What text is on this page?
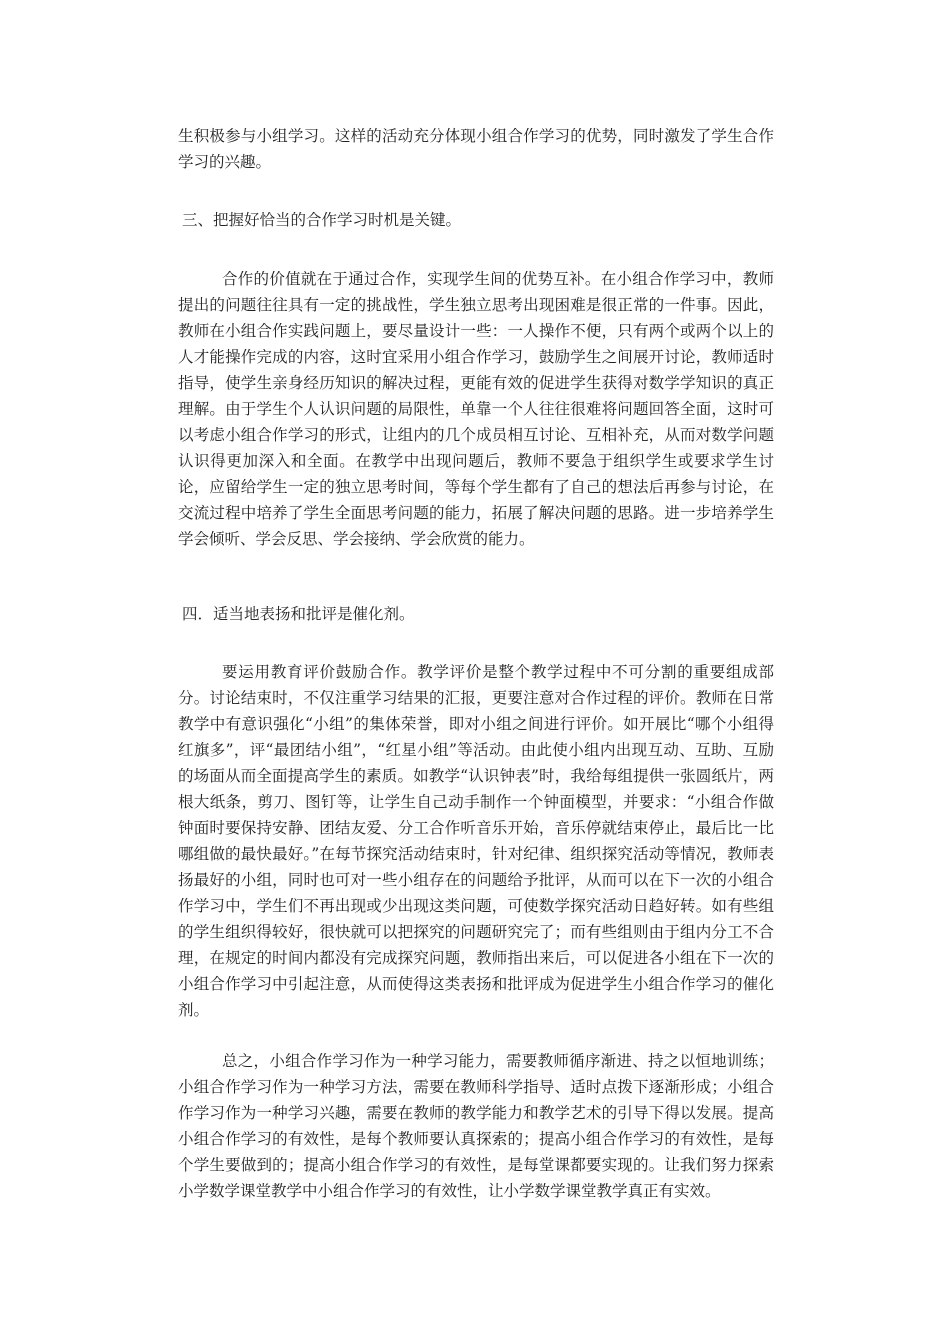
生积极参与小组学习。这样的活动充分体现小组合作学习的优势，同时激发了学生合作学习的兴趣。

三、把握好恰当的合作学习时机是关键。

合作的价值就在于通过合作，实现学生间的优势互补。在小组合作学习中，教师提出的问题往往具有一定的挑战性，学生独立思考出现困难是很正常的一件事。因此，教师在小组合作实践问题上，要尽量设计一些：一人操作不便，只有两个或两个以上的人才能操作完成的内容，这时宜采用小组合作学习，鼓励学生之间展开讨论，教师适时指导，使学生亲身经历知识的解决过程，更能有效的促进学生获得对数学学知识的真正理解。由于学生个人认识问题的局限性，单靠一个人往往很难将问题回答全面，这时可以考虑小组合作学习的形式，让组内的几个成员相互讨论、互相补充，从而对数学问题认识得更加深入和全面。在教学中出现问题后，教师不要急于组织学生或要求学生讨论，应留给学生一定的独立思考时间，等每个学生都有了自己的想法后再参与讨论，在交流过程中培养了学生全面思考问题的能力，拓展了解决问题的思路。进一步培养学生学会倾听、学会反思、学会接纳、学会欣赏的能力。

四．适当地表扬和批评是催化剂。

要运用教育评价鼓励合作。教学评价是整个教学过程中不可分割的重要组成部分。讨论结束时，不仅注重学习结果的汇报，更要注意对合作过程的评价。教师在日常教学中有意识强化“小组”的集体荣誉，即对小组之间进行评价。如开展比“哪个小组得红旗多”，评“最团结小组”，“红星小组”等活动。由此使小组内出现互动、互助、互励的场面从而全面提高学生的素质。如教学“认识钟表”时，我给每组提供一张圆纸片，两根大纸条，剪刀、图钉等，让学生自己动手制作一个钟面模型，并要求：“小组合作做钟面时要保持安静、团结友爱、分工合作听音乐开始，音乐停就结束停止，最后比一比哪组做的最快最好。”在每节探究活动结束时，针对纪律、组织探究活动等情况，教师表扬最好的小组，同时也可对一些小组存在的问题给予批评，从而可以在下一次的小组合作学习中，学生们不再出现或少出现这类问题，可使数学探究活动日趋好转。如有些组的学生组织得较好，很快就可以把探究的问题研究完了；而有些组则由于组内分工不合理，在规定的时间内都没有完成探究问题，教师指出来后，可以促进各小组在下一次的小组合作学习中引起注意，从而使得这类表扬和批评成为促进学生小组合作学习的催化剂。

总之，小组合作学习作为一种学习能力，需要教师循序渐进、持之以恒地训练；小组合作学习作为一种学习方法，需要在教师科学指导、适时点拨下逐渐形成；小组合作学习作为一种学习兴趣，需要在教师的教学能力和教学艺术的引导下得以发展。提高小组合作学习的有效性，是每个教师要认真探索的；提高小组合作学习的有效性，是每个学生要做到的；提高小组合作学习的有效性，是每堂课都要实现的。让我们努力探索小学数学课堂教学中小组合作学习的有效性，让小学数学课堂教学真正有实效。
